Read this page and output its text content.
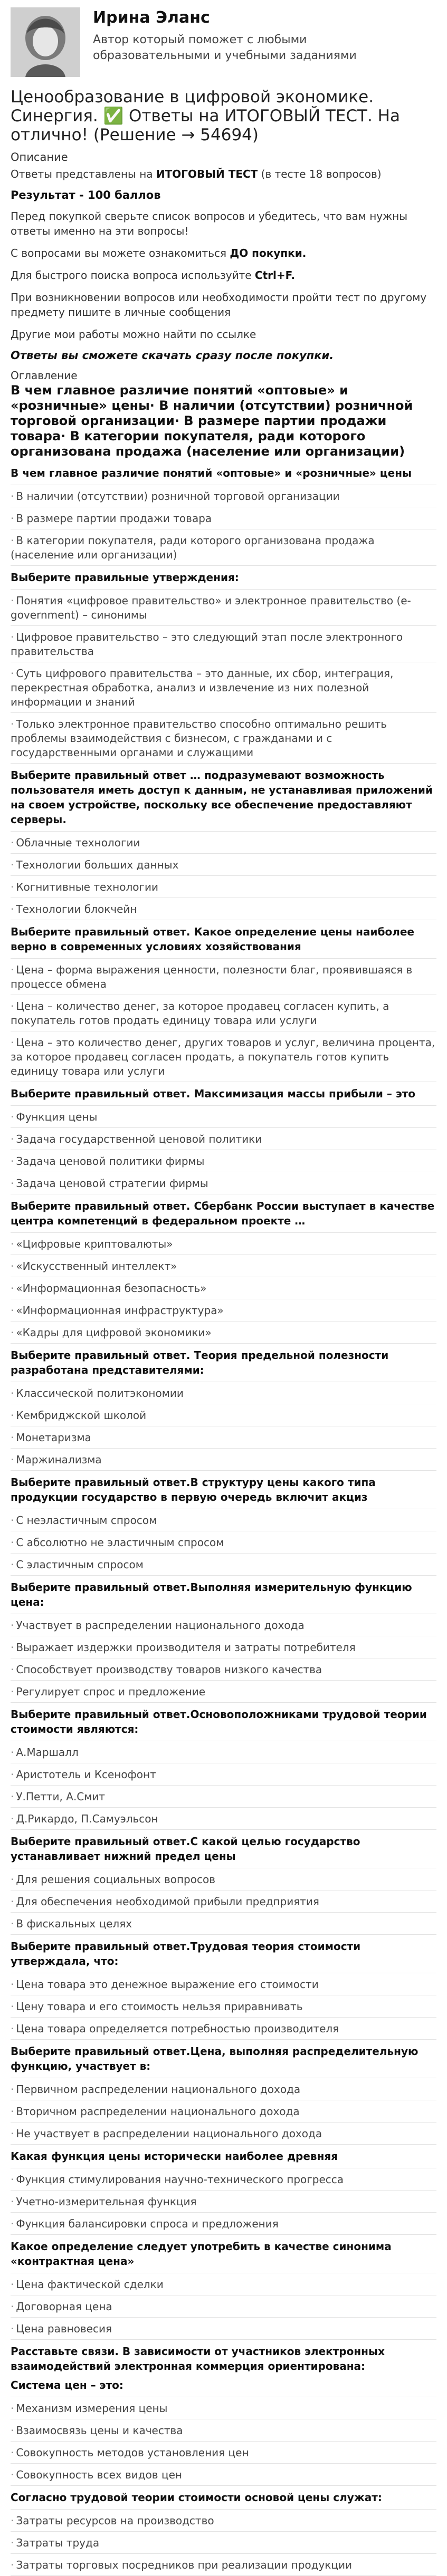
Ирина Эланс
Автор который поможет с любыми образовательными и учебными заданиями
Ценообразование в цифровой экономике. Синергия. ✅ Ответы на ИТОГОВЫЙ ТЕСТ. На отлично! (Решение → 54694)
Описание

Ответы представлены на ИТОГОВЫЙ ТЕСТ (в тесте 18 вопросов)

Результат - 100 баллов

Перед покупкой сверьте список вопросов и убедитесь, что вам нужны ответы именно на эти вопросы!

С вопросами вы можете ознакомиться ДО покупки.

Для быстрого поиска вопроса используйте Ctrl+F.

При возникновении вопросов или необходимости пройти тест по другому предмету пишите в личные сообщения

Другие мои работы можно найти по ссылке

Ответы вы сможете скачать сразу после покупки.

Оглавление
В чем главное различие понятий «оптовые» и «розничные» цены· В наличии (отсутствии) розничной торговой организации· В размере партии продажи товара· В категории покупателя, ради которого организована продажа (население или организации)
В чем главное различие понятий «оптовые» и «розничные» цены
· В наличии (отсутствии) розничной торговой организации
· В размере партии продажи товара
· В категории покупателя, ради которого организована продажа (население или организации)
Выберите правильные утверждения:
· Понятия «цифровое правительство» и электронное правительство (e-government) – синонимы
· Цифровое правительство – это следующий этап после электронного правительства
· Суть цифрового правительства – это данные, их сбор, интеграция, перекрестная обработка, анализ и извлечение из них полезной информации и знаний
· Только электронное правительство способно оптимально решить проблемы взаимодействия с бизнесом, с гражданами и с государственными органами и служащими
Выберите правильный ответ … подразумевают возможность пользователя иметь доступ к данным, не устанавливая приложений на своем устройстве, поскольку все обеспечение предоставляют серверы.
· Облачные технологии
· Технологии больших данных
· Когнитивные технологии
· Технологии блокчейн
Выберите правильный ответ. Какое определение цены наиболее верно в современных условиях хозяйствования
· Цена – форма выражения ценности, полезности благ, проявившаяся в процессе обмена
· Цена – количество денег, за которое продавец согласен купить, а покупатель готов продать единицу товара или услуги
· Цена – это количество денег, других товаров и услуг, величина процента, за которое продавец согласен продать, а покупатель готов купить единицу товара или услуги
Выберите правильный ответ. Максимизация массы прибыли – это
· Функция цены
· Задача государственной ценовой политики
· Задача ценовой политики фирмы
· Задача ценовой стратегии фирмы
Выберите правильный ответ. Сбербанк России выступает в качестве центра компетенций в федеральном проекте …
· «Цифровые криптовалюты»
· «Искусственный интеллект»
· «Информационная безопасность»
· «Информационная инфраструктура»
· «Кадры для цифровой экономики»
Выберите правильный ответ. Теория предельной полезности разработана представителями:
· Классической политэкономии
· Кембриджской школой
· Монетаризма
· Маржинализма
Выберите правильный ответ.В структуру цены какого типа продукции государство в первую очередь включит акциз
· С неэластичным спросом
· С абсолютно не эластичным спросом
· С эластичным спросом
Выберите правильный ответ.Выполняя измерительную функцию цена:
· Участвует в распределении национального дохода
· Выражает издержки производителя и затраты потребителя
· Способствует производству товаров низкого качества
· Регулирует спрос и предложение
Выберите правильный ответ.Основоположниками трудовой теории стоимости являются:
· А.Маршалл
· Аристотель и Ксенофонт
· У.Петти, А.Смит
· Д.Рикардо, П.Самуэльсон
Выберите правильный ответ.С какой целью государство устанавливает нижний предел цены
· Для решения социальных вопросов
· Для обеспечения необходимой прибыли предприятия
· В фискальных целях
Выберите правильный ответ.Трудовая теория стоимости утверждала, что:
· Цена товара это денежное выражение его стоимости
· Цену товара и его стоимость нельзя приравнивать
· Цена товара определяется потребностью производителя
Выберите правильный ответ.Цена, выполняя распределительную функцию, участвует в:
· Первичном распределении национального дохода
· Вторичном распределении национального дохода
· Не участвует в распределении национального дохода
Какая функция цены исторически наиболее древняя
· Функция стимулирования научно-технического прогресса
· Учетно-измерительная функция
· Функция балансировки спроса и предложения
Какое определение следует употребить в качестве синонима «контрактная цена»
· Цена фактической сделки
· Договорная цена
· Цена равновесия
Расставьте связи. В зависимости от участников электронных взаимодействий электронная коммерция ориентирована:
Система цен – это:
· Механизм измерения цены
· Взаимосвязь цены и качества
· Совокупность методов установления цен
· Совокупность всех видов цен
Согласно трудовой теории стоимости основой цены служат:
· Затраты ресурсов на производство
· Затраты труда
· Затраты торговых посредников при реализации продукции
